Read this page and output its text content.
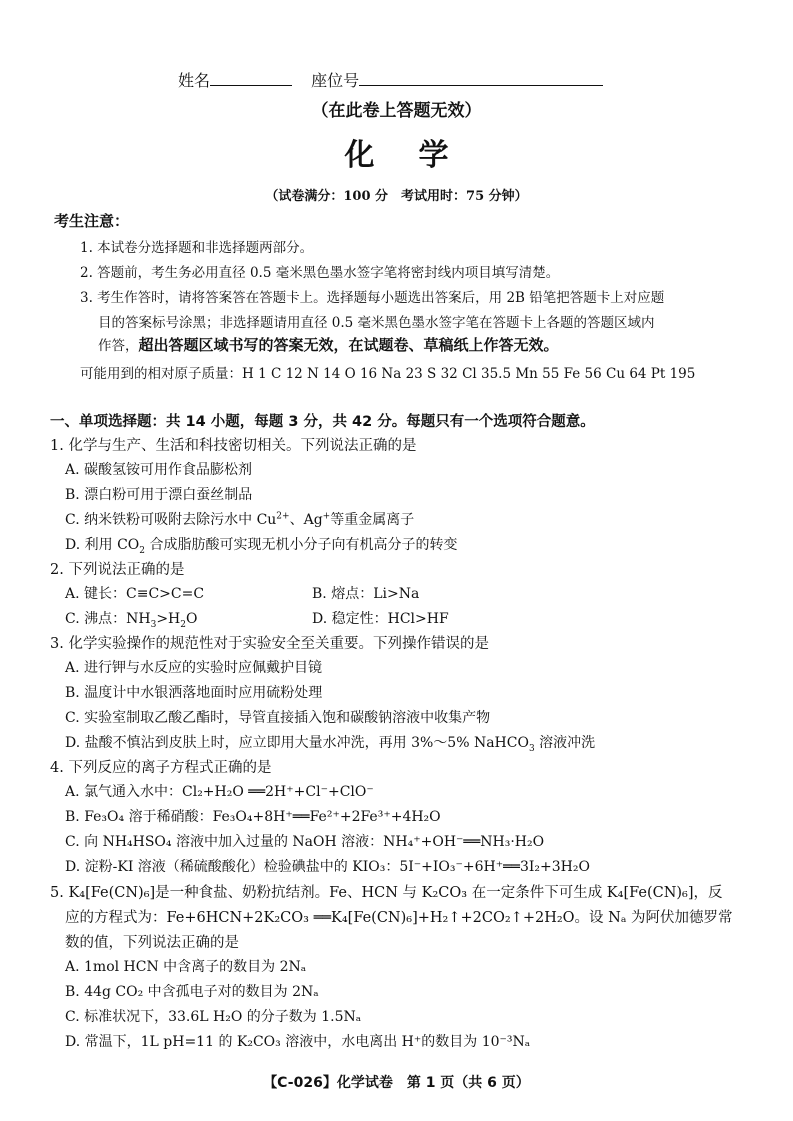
姓名	座位号
（在此卷上答题无效）
化学
（试卷满分：100 分　考试用时：75 分钟）
考生注意：
1. 本试卷分选择题和非选择题两部分。
2. 答题前，考生务必用直径 0.5 毫米黑色墨水签字笔将密封线内项目填写清楚。
3. 考生作答时，请将答案答在答题卡上。选择题每小题选出答案后，用 2B 铅笔把答题卡上对应题
目的答案标号涂黑；非选择题请用直径 0.5 毫米黑色墨水签字笔在答题卡上各题的答题区域内
作答，超出答题区域书写的答案无效，在试题卷、草稿纸上作答无效。
可能用到的相对原子质量：H 1 C 12 N 14 O 16 Na 23 S 32 Cl 35.5 Mn 55 Fe 56 Cu 64 Pt 195
一、单项选择题：共 14 小题，每题 3 分，共 42 分。每题只有一个选项符合题意。
1. 化学与生产、生活和科技密切相关。下列说法正确的是
A. 碳酸氢铵可用作食品膨松剂
B. 漂白粉可用于漂白蚕丝制品
C. 纳米铁粉可吸附去除污水中 $Cu^{2+}$、Ag+等重金属离子
D. 利用 $CO_2$ 合成脂肪酸可实现无机小分子向有机高分子的转变
2. 下列说法正确的是
A. 键长：C≡C>C=C	B. 熔点：Li>Na
C. 沸点：$NH_3>H_2O$	D. 稳定性：HCl>HF
3. 化学实验操作的规范性对于实验安全至关重要。下列操作错误的是
A. 进行钾与水反应的实验时应佩戴护目镜
B. 温度计中水银洒落地面时应用硫粉处理
C. 实验室制取乙酸乙酯时，导管直接插入饱和碳酸钠溶液中收集产物
D. 盐酸不慎沾到皮肤上时，应立即用大量水冲洗，再用 3%～5% NaHCO$_3$ 溶液冲洗
4. 下列反应的离子方程式正确的是
A. 氯气通入水中：Cl₂+H₂O ══2H⁺+Cl⁻+ClO⁻
B. Fe₃O₄ 溶于稀硝酸：Fe₃O₄+8H⁺══Fe²⁺+2Fe³⁺+4H₂O
C. 向 NH₄HSO₄ 溶液中加入过量的 NaOH 溶液：NH₄⁺+OH⁻══NH₃·H₂O
D. 淀粉-KI 溶液（稀硫酸酸化）检验碘盐中的 KIO₃：5I⁻+IO₃⁻+6H⁺══3I₂+3H₂O
5. K₄[Fe(CN)₆]是一种食盐、奶粉抗结剂。Fe、HCN 与 K₂CO₃ 在一定条件下可生成 K₄[Fe(CN)₆]，反
应的方程式为：Fe+6HCN+2K₂CO₃ ══K₄[Fe(CN)₆]+H₂↑+2CO₂↑+2H₂O。设 Nₐ 为阿伏加德罗常
数的值，下列说法正确的是
A. 1mol HCN 中含离子的数目为 2Nₐ
B. 44g CO₂ 中含孤电子对的数目为 2Nₐ
C. 标准状况下，33.6L H₂O 的分子数为 1.5Nₐ
D. 常温下，1L pH=11 的 K₂CO₃ 溶液中，水电离出 H⁺的数目为 10⁻³Nₐ
【C-026】化学试卷　第 1 页（共 6 页）
